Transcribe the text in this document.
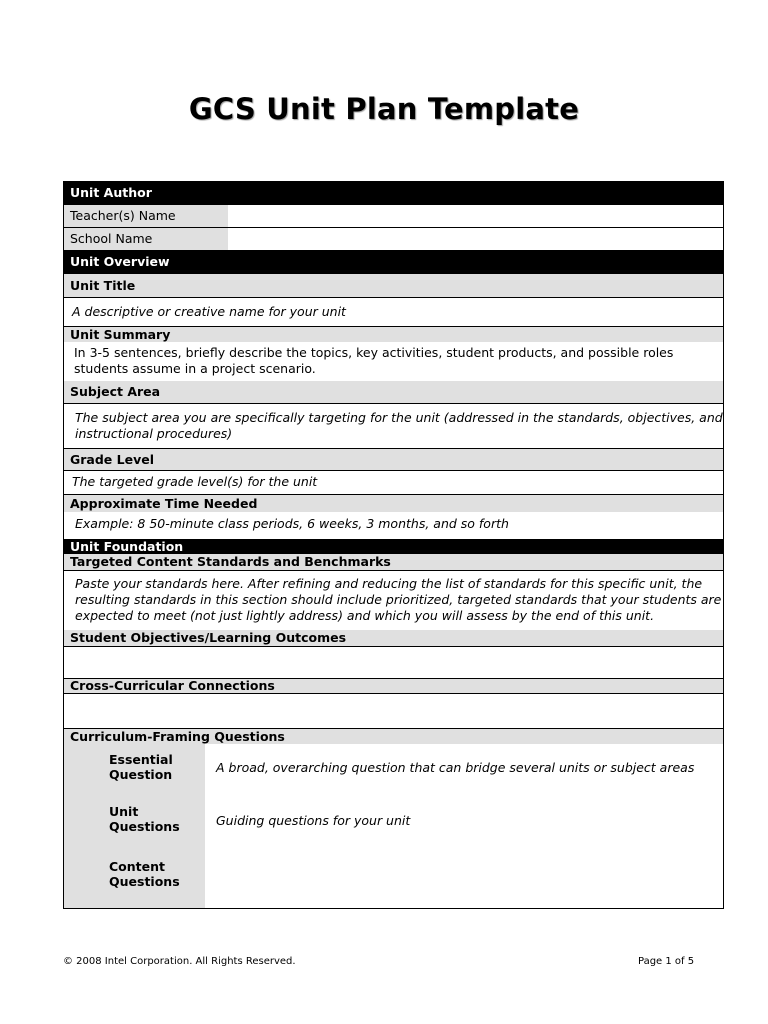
GCS Unit Plan Template
Unit Author
Teacher(s) Name
School Name
Unit Overview
Unit Title
A descriptive or creative name for your unit
Unit Summary
In 3-5 sentences, briefly describe the topics, key activities, student products, and possible roles students assume in a project scenario.
Subject Area
The subject area you are specifically targeting for the unit (addressed in the standards, objectives, and instructional procedures)
Grade Level
The targeted grade level(s) for the unit
Approximate Time Needed
Example: 8 50-minute class periods, 6 weeks, 3 months, and so forth
Unit Foundation
Targeted Content Standards and Benchmarks
Paste your standards here. After refining and reducing the list of standards for this specific unit, the resulting standards in this section should include prioritized, targeted standards that your students are expected to meet (not just lightly address) and which you will assess by the end of this unit.
Student Objectives/Learning Outcomes
Cross-Curricular Connections
Curriculum-Framing Questions
Essential Question
Unit Questions
Content Questions
A broad, overarching question that can bridge several units or subject areas
Guiding questions for your unit
© 2008 Intel Corporation. All Rights Reserved.	Page 1 of 5
